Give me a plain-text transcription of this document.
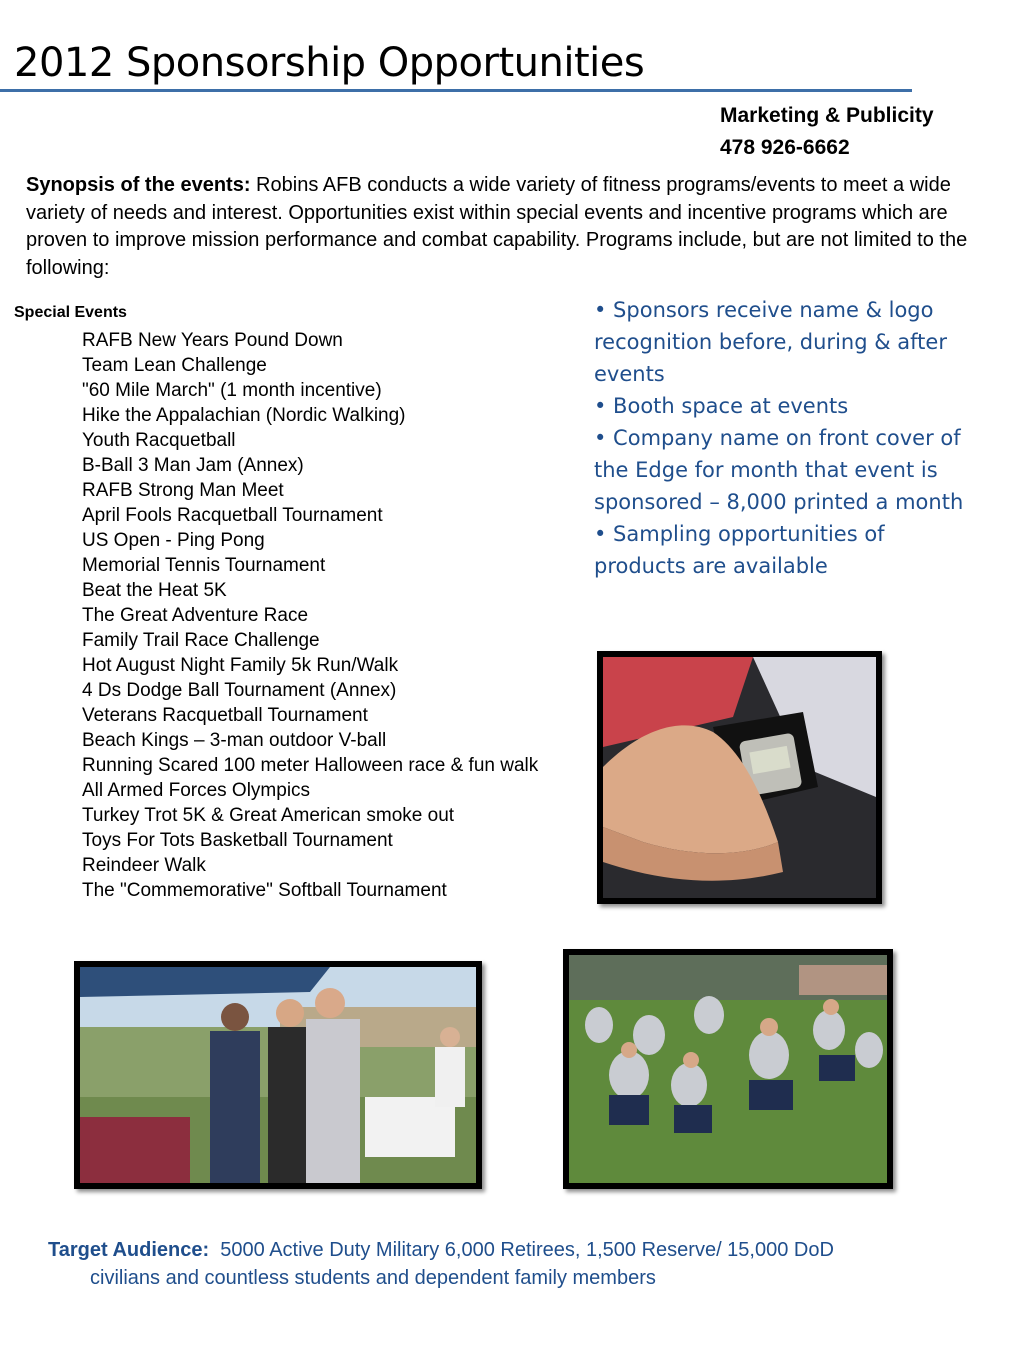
2012 Sponsorship Opportunities
Marketing & Publicity
478 926-6662

Synopsis of the events: Robins AFB conducts a wide variety of fitness programs/events to meet a wide variety of needs and interest. Opportunities exist within special events and incentive programs which are proven to improve mission performance and combat capability. Programs include, but are not limited to the following:

Special Events
RAFB New Years Pound Down
Team Lean Challenge
"60 Mile March" (1 month incentive)
Hike the Appalachian (Nordic Walking)
Youth Racquetball
B-Ball 3 Man Jam (Annex)
RAFB Strong Man Meet
April Fools Racquetball Tournament
US Open - Ping Pong
Memorial Tennis Tournament
Beat the Heat 5K
The Great Adventure Race
Family Trail Race Challenge
Hot August Night Family 5k Run/Walk
4 Ds Dodge Ball Tournament (Annex)
Veterans Racquetball Tournament
Beach Kings – 3-man outdoor V-ball
Running Scared 100 meter Halloween race & fun walk
All Armed Forces Olympics
Turkey Trot 5K & Great American smoke out
Toys For Tots Basketball Tournament
Reindeer Walk
The "Commemorative" Softball Tournament
• Sponsors receive name & logo recognition before, during & after events
• Booth space at events
• Company name on front cover of the Edge for month that event is sponsored – 8,000 printed a month
• Sampling opportunities of products are available
Target Audience: 5000 Active Duty Military 6,000 Retirees, 1,500 Reserve/ 15,000 DoD
civilians and countless students and dependent family members
